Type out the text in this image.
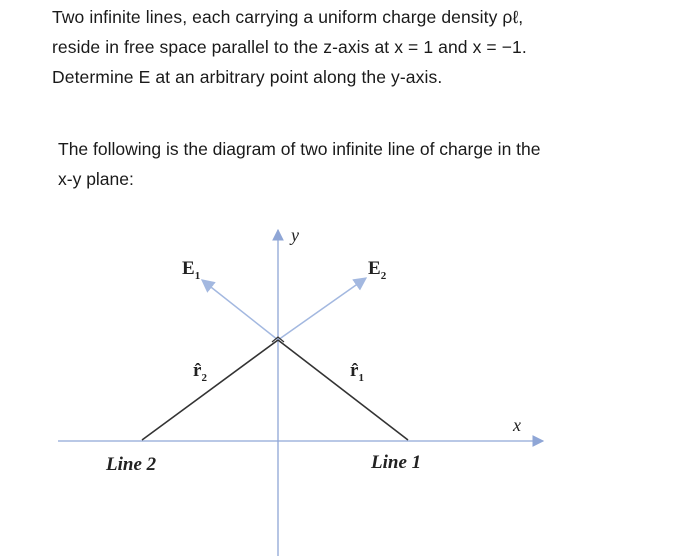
Two infinite lines, each carrying a uniform charge density ρℓ,

reside in free space parallel to the z-axis at x = 1 and x = −1.

Determine E at an arbitrary point along the y-axis.

The following is the diagram of two infinite line of charge in the

x-y plane:

y
x
$E_1$	$E_2$
$r̂_2$	$r̂_1$
Line 2	Line 1
